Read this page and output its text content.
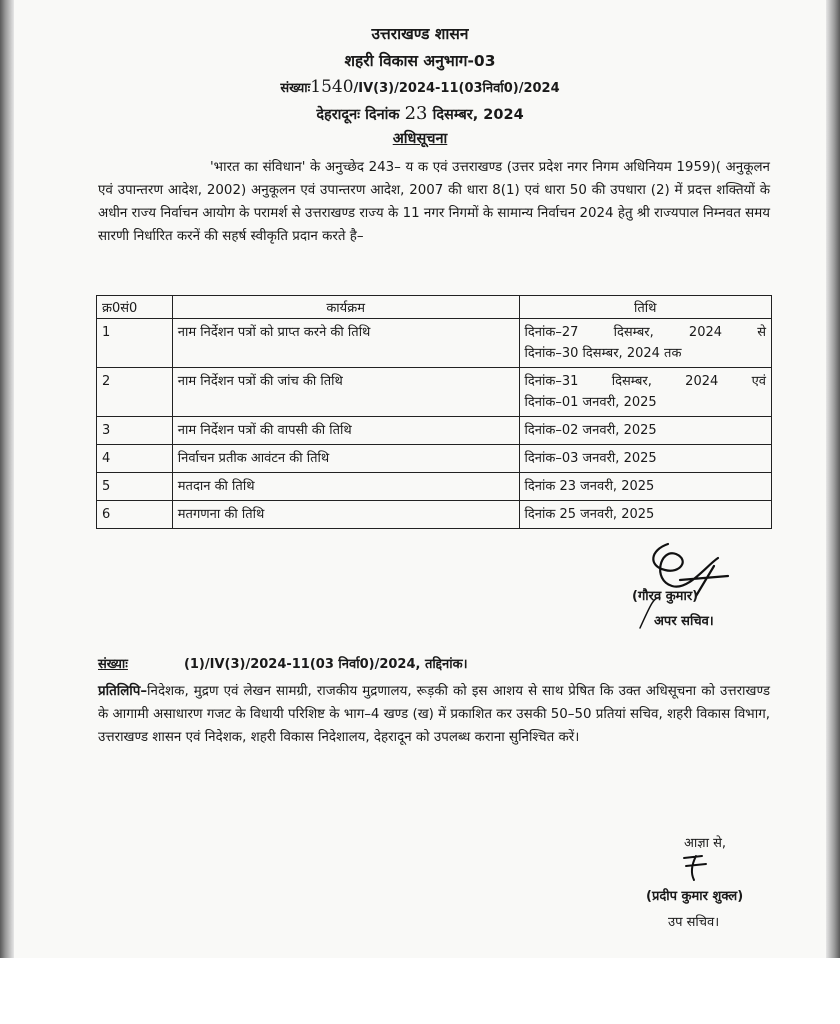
उत्तराखण्ड शासन
शहरी विकास अनुभाग-03
संख्याः1540/IV(3)/2024-11(03निर्वा0)/2024
देहरादूनः दिनांक 23 दिसम्बर, 2024
अधिसूचना
'भारत का संविधान' के अनुच्छेद 243– य क एवं उत्तराखण्ड (उत्तर प्रदेश नगर निगम अधिनियम 1959)( अनुकूलन एवं उपान्तरण आदेश, 2002) अनुकूलन एवं उपान्तरण आदेश, 2007 की धारा 8(1) एवं धारा 50 की उपधारा (2) में प्रदत्त शक्तियों के अधीन राज्य निर्वाचन आयोग के परामर्श से उत्तराखण्ड राज्य के 11 नगर निगमों के सामान्य निर्वाचन 2024 हेतु श्री राज्यपाल निम्नवत समय सारणी निर्धारित करनें की सहर्ष स्वीकृति प्रदान करते है–
क्र0सं0	कार्यक्रम	तिथि
1	नाम निर्देशन पत्रों को प्राप्त करने की तिथि	दिनांक–27 दिसम्बर, 2024 से
दिनांक–30 दिसम्बर, 2024 तक

2	नाम निर्देशन पत्रों की जांच की तिथि	दिनांक–31 दिसम्बर, 2024 एवं
दिनांक–01 जनवरी, 2025

3	नाम निर्देशन पत्रों की वापसी की तिथि	दिनांक–02 जनवरी, 2025
4	निर्वाचन प्रतीक आवंटन की तिथि	दिनांक–03 जनवरी, 2025
5	मतदान की तिथि	दिनांक 23 जनवरी, 2025
6	मतगणना की तिथि	दिनांक 25 जनवरी, 2025
(गौरव कुमार)
अपर सचिव।
संख्याः	(1)/IV(3)/2024-11(03 निर्वा0)/2024, तद्दिनांक।
प्रतिलिपि–निदेशक, मुद्रण एवं लेखन सामग्री, राजकीय मुद्रणालय, रूड़की को इस आशय से साथ प्रेषित कि उक्त अधिसूचना को उत्तराखण्ड के आगामी असाधारण गजट के विधायी परिशिष्ट के भाग–4 खण्ड (ख) में प्रकाशित कर उसकी 50–50 प्रतियां सचिव, शहरी विकास विभाग, उत्तराखण्ड शासन एवं निदेशक, शहरी विकास निदेशालय, देहरादून को उपलब्ध कराना सुनिश्चित करें।
आज्ञा से,
(प्रदीप कुमार शुक्ल)
उप सचिव।
